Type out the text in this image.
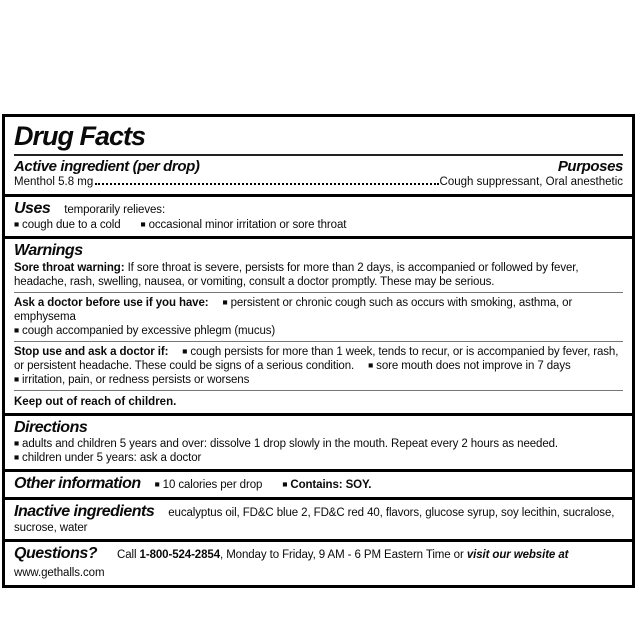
Drug Facts
Active ingredient (per drop)	Purposes
Menthol 5.8 mg	Cough suppressant, Oral anesthetic
Uses temporarily relieves:
■ cough due to a cold ■ occasional minor irritation or sore throat
Warnings
Sore throat warning: If sore throat is severe, persists for more than 2 days, is accompanied or followed by fever, headache, rash, swelling, nausea, or vomiting, consult a doctor promptly. These may be serious.
Ask a doctor before use if you have: ■ persistent or chronic cough such as occurs with smoking, asthma, or emphysema
■ cough accompanied by excessive phlegm (mucus)
Stop use and ask a doctor if: ■ cough persists for more than 1 week, tends to recur, or is accompanied by fever, rash, or persistent headache. These could be signs of a serious condition. ■ sore mouth does not improve in 7 days
■ irritation, pain, or redness persists or worsens
Keep out of reach of children.
Directions
■ adults and children 5 years and over: dissolve 1 drop slowly in the mouth. Repeat every 2 hours as needed.
■ children under 5 years: ask a doctor
Other information ■ 10 calories per drop ■ Contains: SOY.
Inactive ingredients eucalyptus oil, FD&C blue 2, FD&C red 40, flavors, glucose syrup, soy lecithin, sucralose, sucrose, water
Questions? Call 1-800-524-2854, Monday to Friday, 9 AM - 6 PM Eastern Time or visit our website atwww.gethalls.com
